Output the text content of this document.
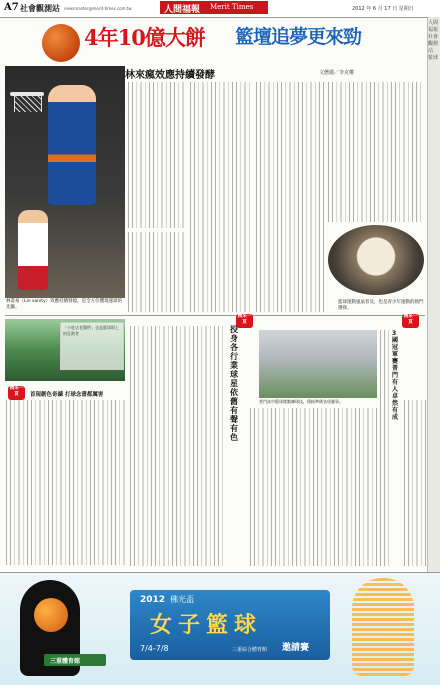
A7 社會觀測站 newsmaster@merit-times.com.tw	人間福報 Merit Times	2012 年 6 月 17 日 星期日
人間福報 社會觀測站 籃球
4年10億大餅 籃壇追夢更來勁
林書豪（Lin sanity）效應持續發燒，是全方位體現運球的先驅。
林來瘋效應持續發酵	文懋麗／李克權
籃球運動風氣普及，也是青少年運動的熱門選擇。
「小吃店老闆們」也是籃球場上的狂熱者
精采一頁	首現韌色奇績 打球念書都厲害
精采一頁
投身各行業 球星依舊有聲有色
普門高中籃球隊勤練球技，積極準備各項賽事。
精采一頁
3 國冠軍賽 普門有人卓然有成
三重體育館
2012 佛光盃
女子籃球
7/4-7/8	三重綜合體育館 邀請賽
